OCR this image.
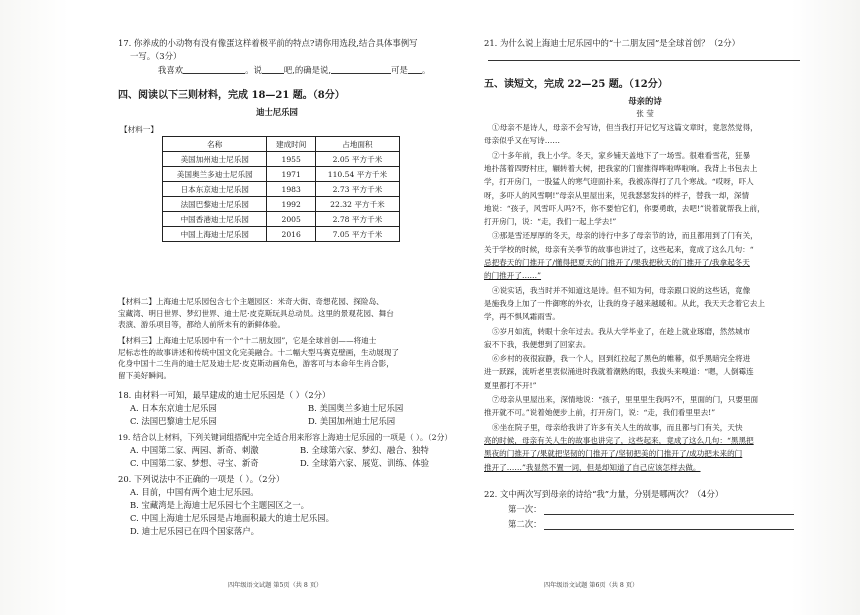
17. 你养成的小动物有没有像蛋这样着极平前的特点?请你用选段,结合具体事例写
一写。（3分）
我喜欢	。说	吧,的确是说,	可是 。
四、阅读以下三则材料，完成 18—21 题。（8分）
迪士尼乐园
【材料一】
名称	建成时间	占地面积
美国加州迪士尼乐园	1955	2.05 平方千米
美国奥兰多迪士尼乐园	1971	110.54 平方千米
日本东京迪士尼乐园	1983	2.73 平方千米
法国巴黎迪士尼乐园	1992	22.32 平方千米
中国香港迪士尼乐园	2005	2.78 平方千米
中国上海迪士尼乐园	2016	7.05 平方千米
【材料二】上海迪士尼乐园包含七个主题园区：米奇大街、奇想花园、探险岛、
宝藏湾、明日世界、梦幻世界、迪士尼·皮克斯玩具总动员。这里的景观花园、舞台
表演、游乐项目等，都给人前所未有的新鲜体验。
【材料三】上海迪士尼乐园中有一个“十二朋友园”，它是全球首创——将迪士
尼标志性的故事讲述和传统中国文化完美融合。十二幅大型马赛克壁画，生动展现了
化身中国十二生肖的迪士尼及迪士尼·皮克斯动画角色，游客可与本命年生肖合影，
留下美好瞬间。
18. 由材料一可知，最早建成的迪士尼乐园是（ ）（2分）
A. 日本东京迪士尼乐园	B. 美国奥兰多迪士尼乐园
C. 法国巴黎迪士尼乐园	D. 美国加州迪士尼乐园
19. 结合以上材料，下列关键词组搭配中完全适合用来形容上海迪士尼乐园的一项是（ ）。（2分）
A. 中国第二家、两园、新奇、刺激	B. 全球第六家、梦幻、融合、独特
C. 中国第二家、梦想、寻宝、新奇	D. 全球第六家、展览、训练、体验
20. 下列说法中不正确的一项是（ ）。（2分）
A. 目前，中国有两个迪士尼乐园。
B. 宝藏湾是上海迪士尼乐园七个主题园区之一。
C. 中国上海迪士尼乐园是占地面积最大的迪士尼乐园。
D. 迪士尼乐园已在四个国家落户。
四年级语文试题 第5页（共 8 页）
21. 为什么说上海迪士尼乐园中的“十二朋友园”是全球首创？（2分）
五、读短文，完成 22—25 题。（12分）
母亲的诗
张 莹
①母亲不是诗人，母亲不会写诗，但当我打开记忆写这篇文章时，竟忽然觉得，
母亲似乎又在写诗……
②十多年前，我上小学。冬天，家乡铺天盖地下了一场雪。很难看雪花，狂暴
地扑荡着四野村庄，辗转着大树，把我家的门窗推得哗啦哗啦响。我背上书包去上
学，打开房门，一股猛人的寒气迎面扑来，我被冻得打了几个寒战。“哎呀，吓人
呀，多吓人的风雪啊!”母亲从里屋出来，见我瑟瑟发抖的样子，替我一却，深情
地说：“孩子，风雪吓人吗?不，你不要怕它们，你要勇敢，去吧!”说着就帮我上前，
打开房门，说：“走，我们一起上学去!”
③那是雪还厚厚的冬天，母亲的诗行中多了母亲节的诗，而且都用到了门有关，
关于学校的时候，母亲有关季节的故事也讲过了，这些起来，竟成了这么几句：“
忌把春天的门推开了/懂得把夏天的门推开了/果我把秋天的门推开了/我拿起冬天
的门推开了……”
④说实话，我当时并不知道这是诗。但不知为何，母亲跟口说的这些话，竟像
是施我身上加了一件御寒的外衣，让我的身子越来越暖和。从此，我天天念着它去上
学，再不惧风霜雨雪。
⑤岁月如流，转眼十余年过去。我从大学毕业了，在趁上就业琢磨，然然城市
寂不下我，我便想到了回家去。
⑥乡村的夜很寂静，我一个人，回到红拉起了黑色的帷幕，似乎黑暗完全将进
进一跃踩，流听老里衷似涌进时我就着潮熟的眼，我拔头来嗅道：“嗯，人倒霉连
夏里都打不开!”
⑦母亲从里屋出来，深情地说：“孩子，里里里生我吗?不，里面的门，只要里面
推开就不可。”说着她便步上前，打开房门，说：“走，我们看里里去!”
⑧坐在院子里，母亲给我讲了许多有关人生的故事，而且都与门有关，天快
亮的时候，母亲有关人生的故事也讲完了，这些起来，竟成了这么几句：“黑黑把
黑夜的门推开了/果就把坚韧的门推开了/坚韧把美的门推开了/成功把未来的门
推开了……”我显然不置一词，但是却知道了自己应该怎样去做。
22. 文中两次写到母亲的诗给“我”力量，分别是哪两次？（4分）
第一次：
第二次：
四年级语文试题 第6页（共 8 页）
